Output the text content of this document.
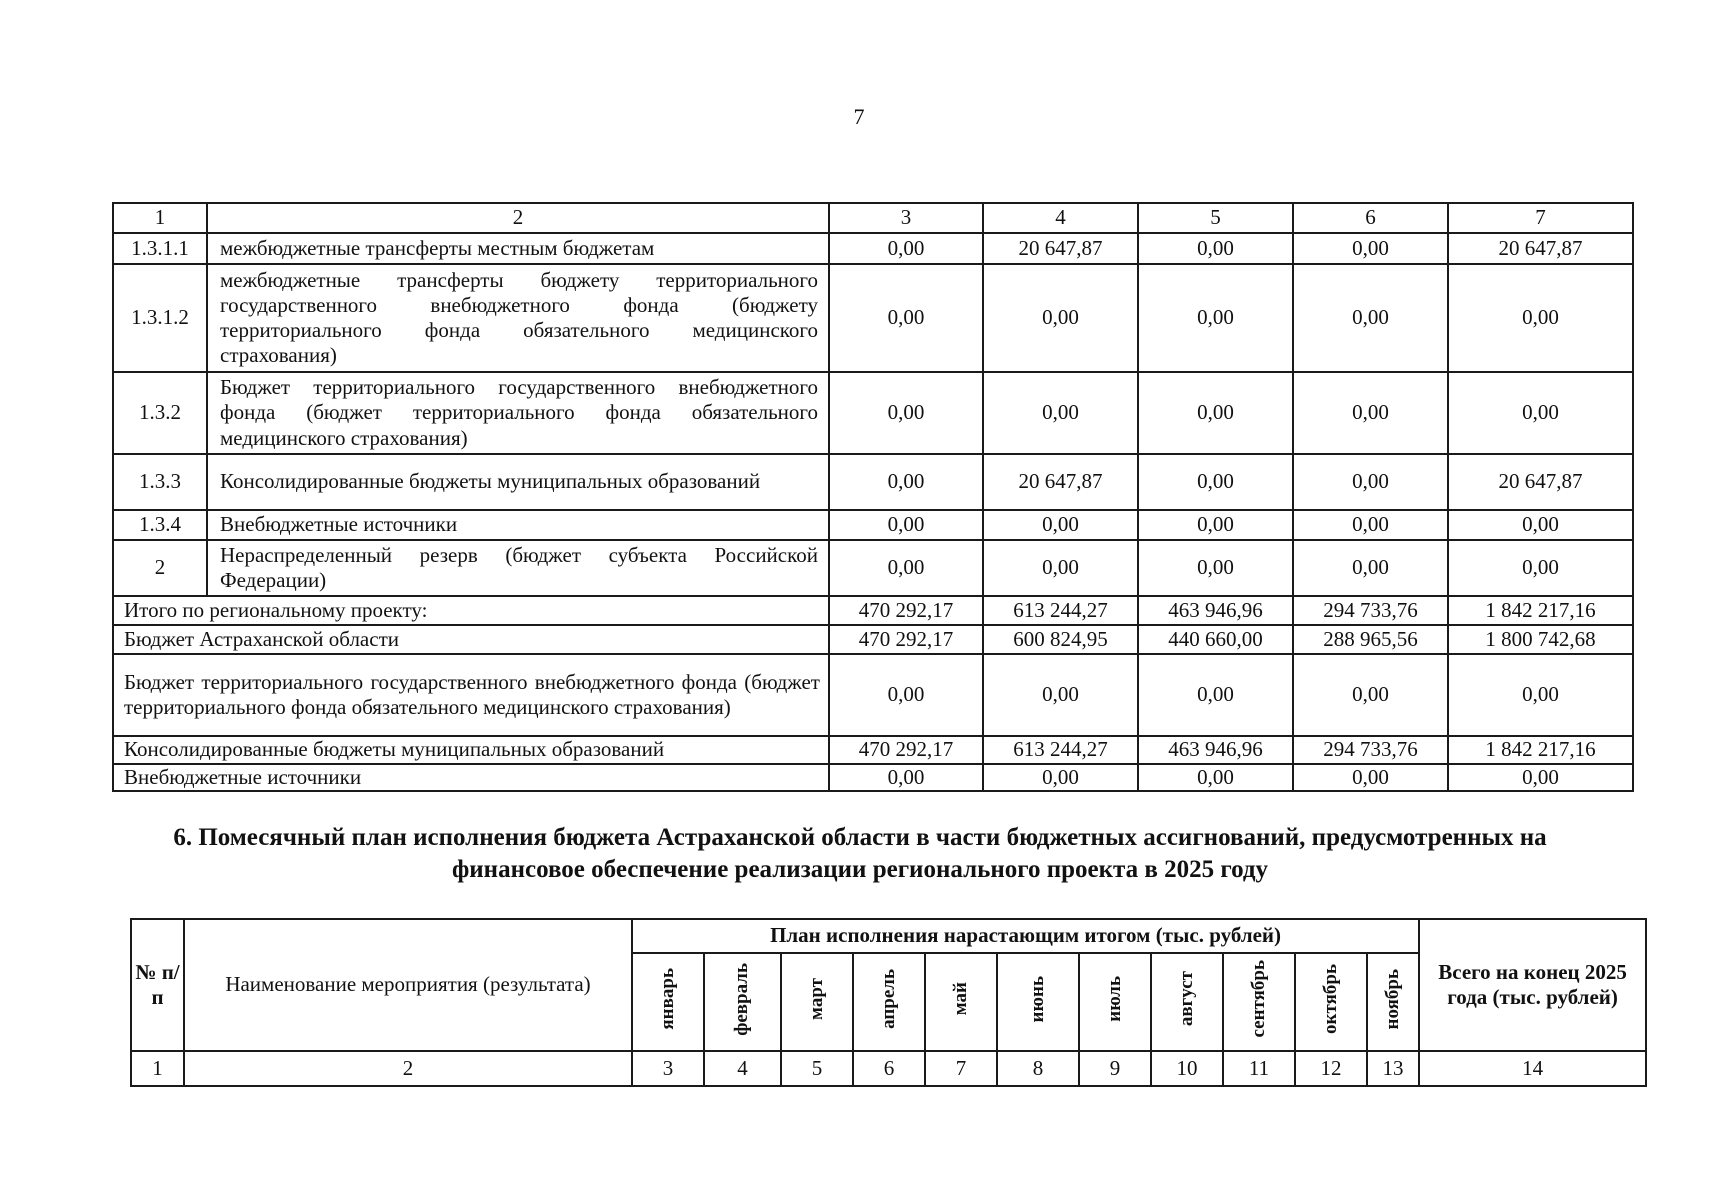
7
1	2	3	4	5	6	7
1.3.1.1	межбюджетные трансферты местным бюджетам	0,00	20 647,87	0,00	0,00	20 647,87
1.3.1.2	межбюджетные трансферты бюджету территориального государственного внебюджетного фонда (бюджету территориального фонда обязательного медицинского страхования)	0,00	0,00	0,00	0,00	0,00
1.3.2	Бюджет территориального государственного внебюджетного фонда (бюджет территориального фонда обязательного медицинского страхования)	0,00	0,00	0,00	0,00	0,00
1.3.3	Консолидированные бюджеты муниципальных образований	0,00	20 647,87	0,00	0,00	20 647,87
1.3.4	Внебюджетные источники	0,00	0,00	0,00	0,00	0,00
2	Нераспределенный резерв (бюджет субъекта Российской Федерации)	0,00	0,00	0,00	0,00	0,00
Итого по региональному проекту:		470 292,17	613 244,27	463 946,96	294 733,76	1 842 217,16
Бюджет Астраханской области		470 292,17	600 824,95	440 660,00	288 965,56	1 800 742,68
Бюджет территориального государственного внебюджетного фонда (бюджет территориального фонда обязательного медицинского страхования)		0,00	0,00	0,00	0,00	0,00
Консолидированные бюджеты муниципальных образований		470 292,17	613 244,27	463 946,96	294 733,76	1 842 217,16
Внебюджетные источники		0,00	0,00	0,00	0,00	0,00
6. Помесячный план исполнения бюджета Астраханской области в части бюджетных ассигнований, предусмотренных на финансовое обеспечение реализации регионального проекта в 2025 году
№ п/п	Наименование мероприятия (результата)	План исполнения нарастающим итогом (тыс. рублей)											Всего на конец 2025 года (тыс. рублей)
		январь	февраль	март	апрель	май	июнь	июль	август	сентябрь	октябрь	ноябрь	
1	2	3	4	5	6	7	8	9	10	11	12	13	14
